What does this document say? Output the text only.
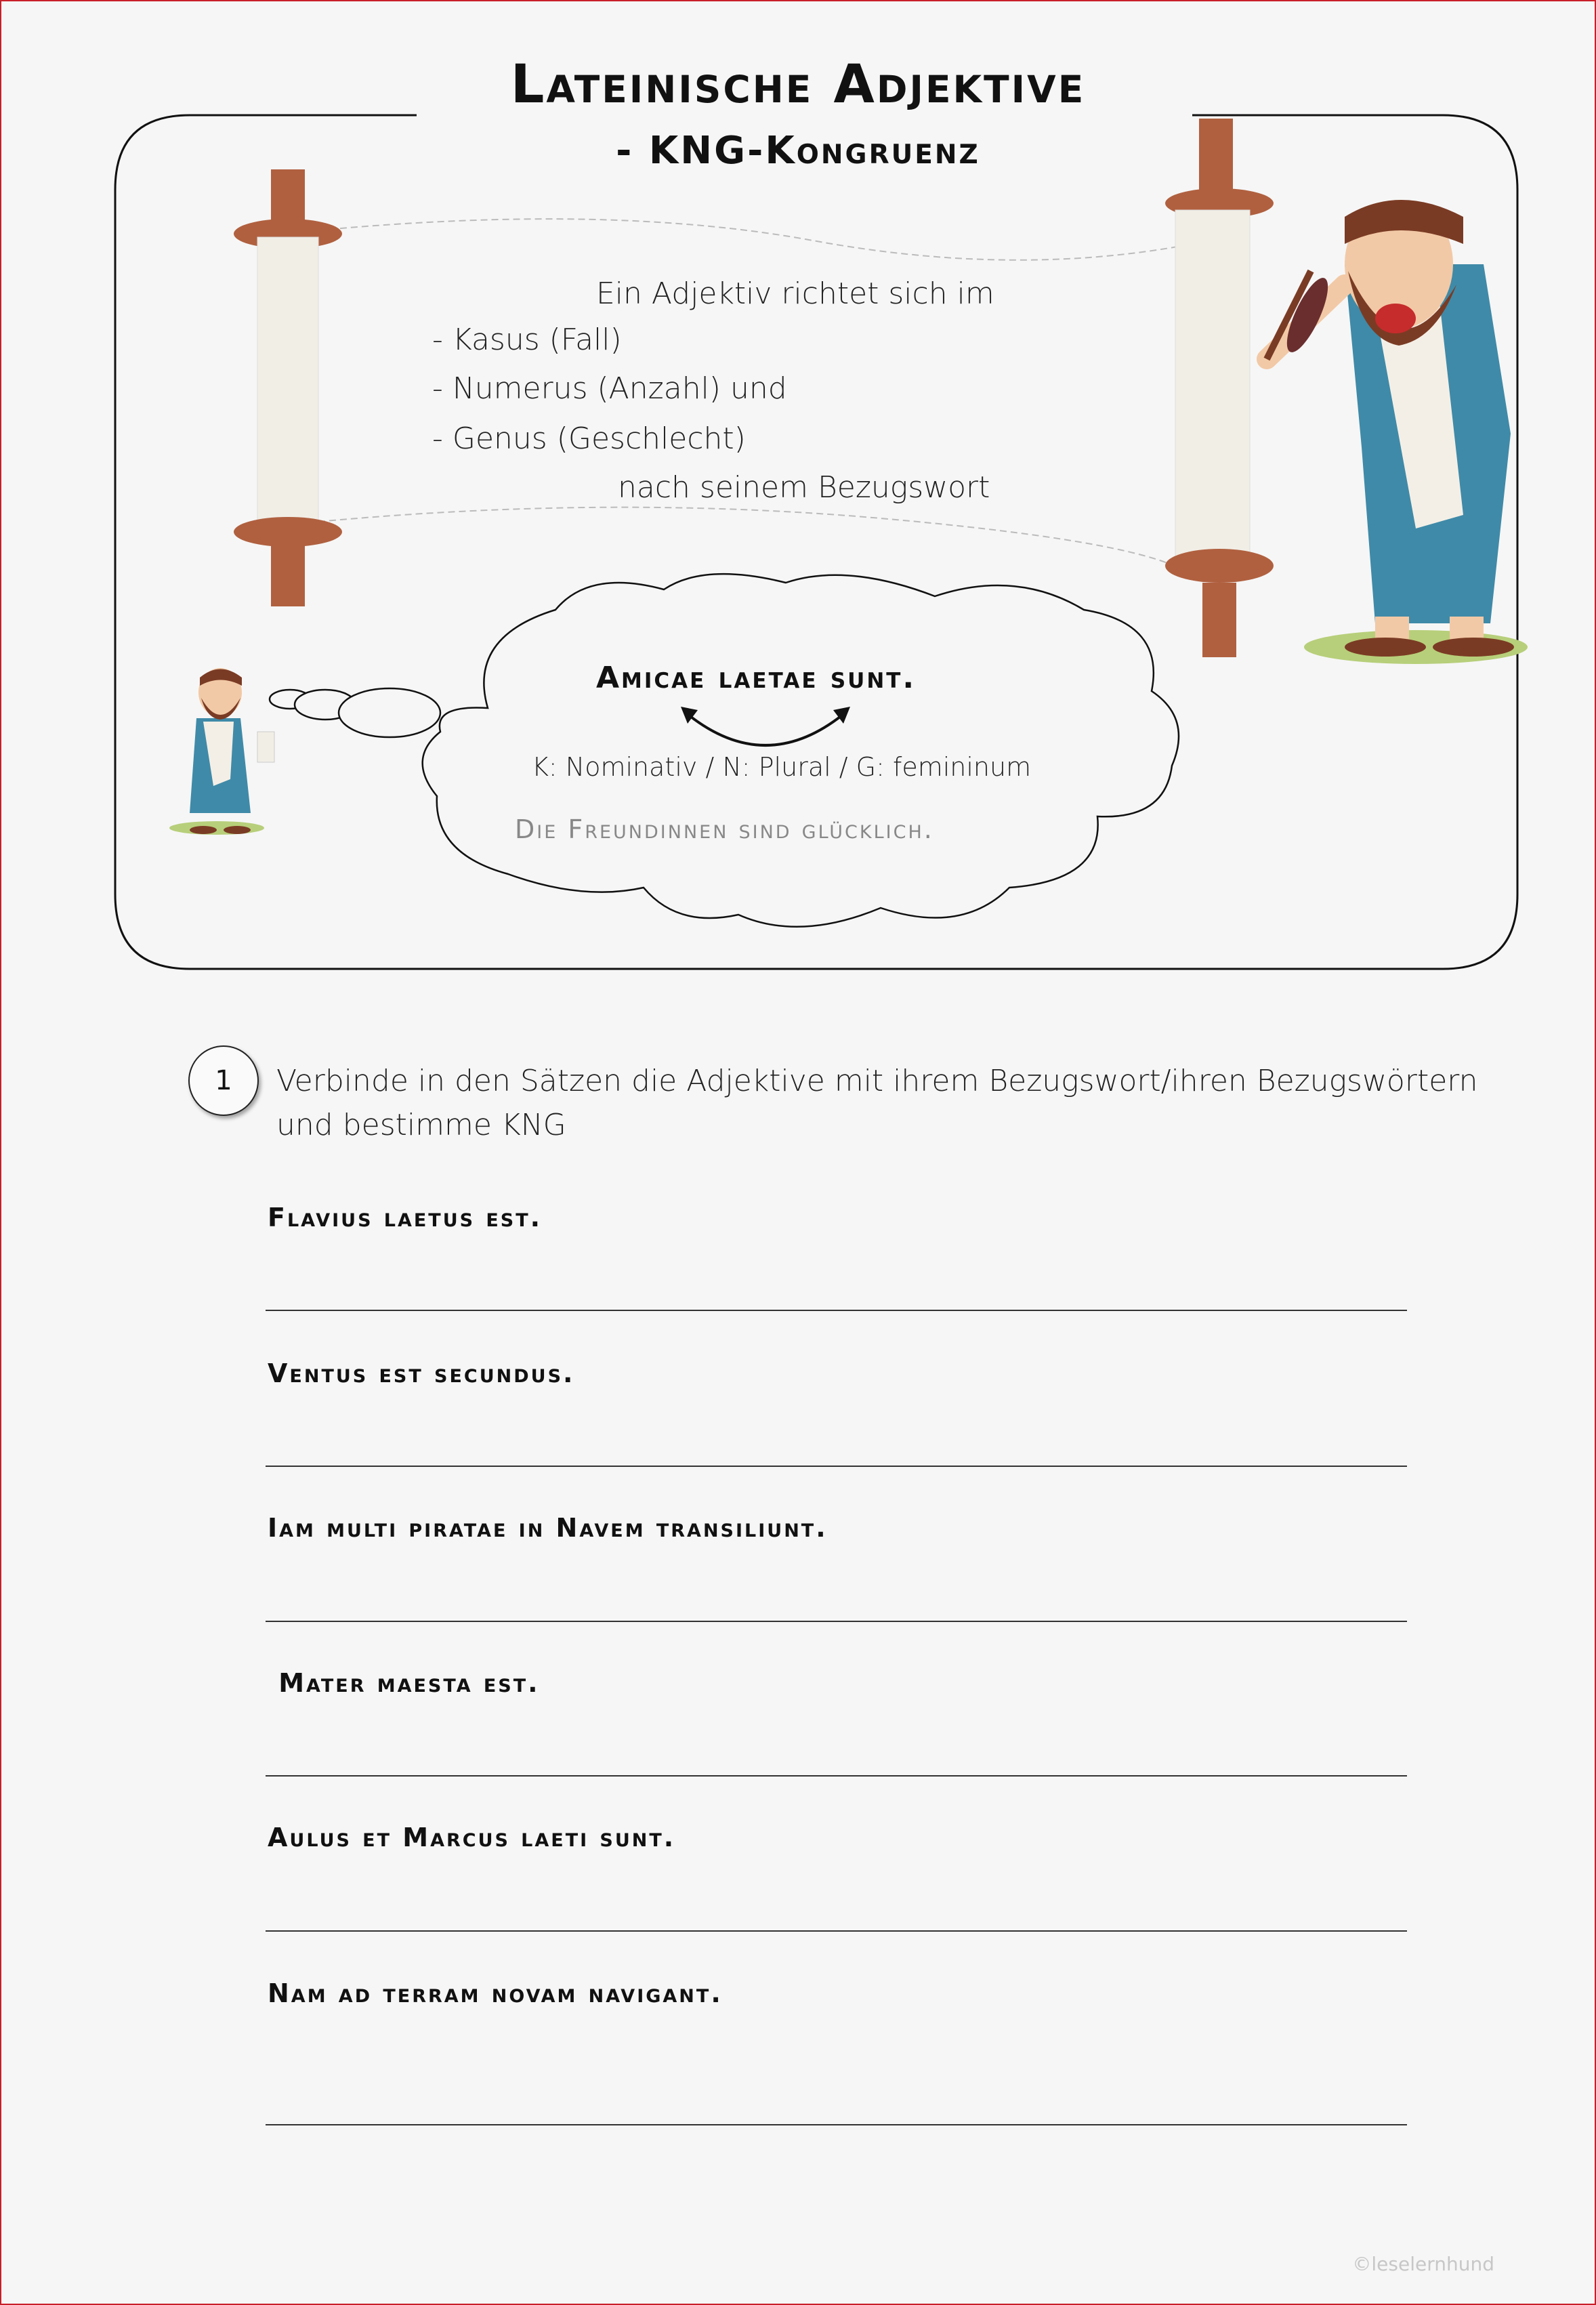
Lateinische Adjektive
- KNG-Kongruenz
Ein Adjektiv richtet sich im
- Kasus (Fall)
- Numerus (Anzahl) und
- Genus (Geschlecht)
nach seinem Bezugswort
Amicae laetae sunt.
K: Nominativ / N: Plural / G: femininum
Die Freundinnen sind glücklich.
1	Verbinde in den Sätzen die Adjektive mit ihrem Bezugswort/ihren Bezugswörtern
und bestimme KNG
Flavius laetus est.
Ventus est secundus.
Iam multi piratae in Navem transiliunt.
Mater maesta est.
Aulus et Marcus laeti sunt.
Nam ad terram novam navigant.
©leselernhund
